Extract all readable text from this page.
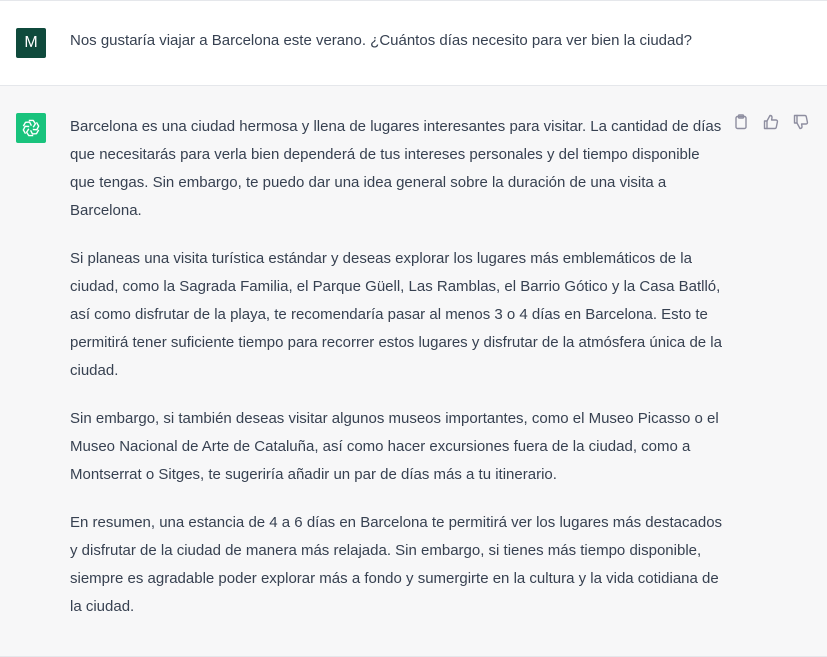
M	Nos gustaría viajar a Barcelona este verano. ¿Cuántos días necesito para ver bien la ciudad?

Barcelona es una ciudad hermosa y llena de lugares interesantes para visitar. La cantidad de días que necesitarás para verla bien dependerá de tus intereses personales y del tiempo disponible que tengas. Sin embargo, te puedo dar una idea general sobre la duración de una visita a Barcelona.

Si planeas una visita turística estándar y deseas explorar los lugares más emblemáticos de la ciudad, como la Sagrada Familia, el Parque Güell, Las Ramblas, el Barrio Gótico y la Casa Batlló, así como disfrutar de la playa, te recomendaría pasar al menos 3 o 4 días en Barcelona. Esto te permitirá tener suficiente tiempo para recorrer estos lugares y disfrutar de la atmósfera única de la ciudad.

Sin embargo, si también deseas visitar algunos museos importantes, como el Museo Picasso o el Museo Nacional de Arte de Cataluña, así como hacer excursiones fuera de la ciudad, como a Montserrat o Sitges, te sugeriría añadir un par de días más a tu itinerario.

En resumen, una estancia de 4 a 6 días en Barcelona te permitirá ver los lugares más destacados y disfrutar de la ciudad de manera más relajada. Sin embargo, si tienes más tiempo disponible, siempre es agradable poder explorar más a fondo y sumergirte en la cultura y la vida cotidiana de la ciudad.
